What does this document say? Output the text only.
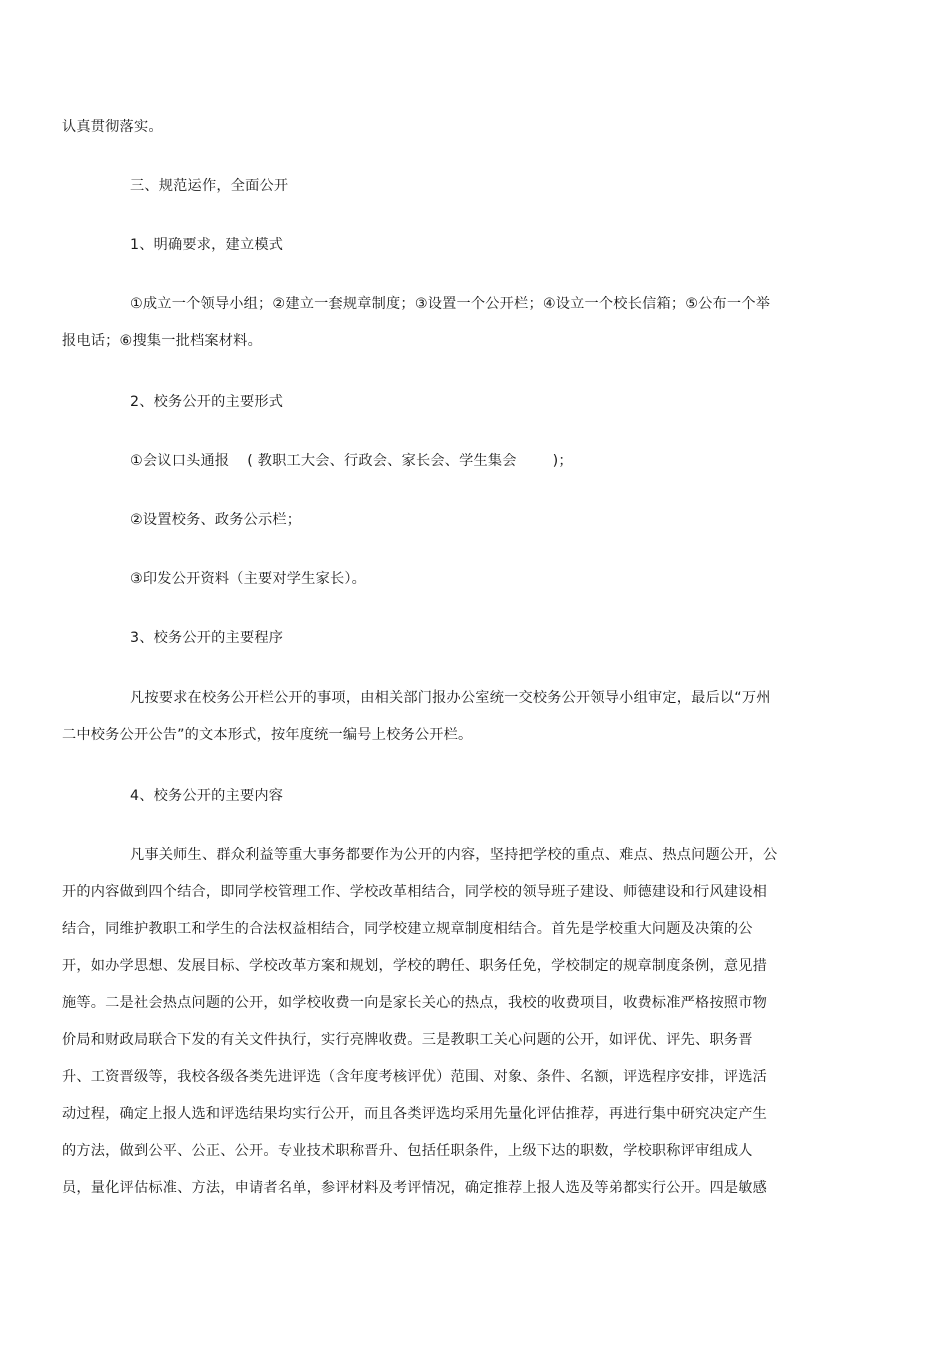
认真贯彻落实。
三、规范运作，全面公开
1、明确要求，建立模式
①成立一个领导小组；②建立一套规章制度；③设置一个公开栏；④设立一个校长信箱；⑤公布一个举
报电话；⑥搜集一批档案材料。
2、校务公开的主要形式
①会议口头通报 ( 教职工大会、行政会、家长会、学生集会	)；
②设置校务、政务公示栏；
③印发公开资料（主要对学生家长）。
3、校务公开的主要程序
凡按要求在校务公开栏公开的事项，由相关部门报办公室统一交校务公开领导小组审定，最后以“万州
二中校务公开公告”的文本形式，按年度统一编号上校务公开栏。
4、校务公开的主要内容
凡事关师生、群众利益等重大事务都要作为公开的内容，坚持把学校的重点、难点、热点问题公开，公
开的内容做到四个结合，即同学校管理工作、学校改革相结合，同学校的领导班子建设、师德建设和行风建设相
结合，同维护教职工和学生的合法权益相结合，同学校建立规章制度相结合。首先是学校重大问题及决策的公
开，如办学思想、发展目标、学校改革方案和规划，学校的聘任、职务任免，学校制定的规章制度条例，意见措
施等。二是社会热点问题的公开，如学校收费一向是家长关心的热点，我校的收费项目，收费标准严格按照市物
价局和财政局联合下发的有关文件执行，实行亮牌收费。三是教职工关心问题的公开，如评优、评先、职务晋
升、工资晋级等，我校各级各类先进评选（含年度考核评优）范围、对象、条件、名额，评选程序安排，评选活
动过程，确定上报人选和评选结果均实行公开，而且各类评选均采用先量化评估推荐，再进行集中研究决定产生
的方法，做到公平、公正、公开。专业技术职称晋升、包括任职条件，上级下达的职数，学校职称评审组成人
员，量化评估标准、方法，申请者名单，参评材料及考评情况，确定推荐上报人选及等弟都实行公开。四是敏感
